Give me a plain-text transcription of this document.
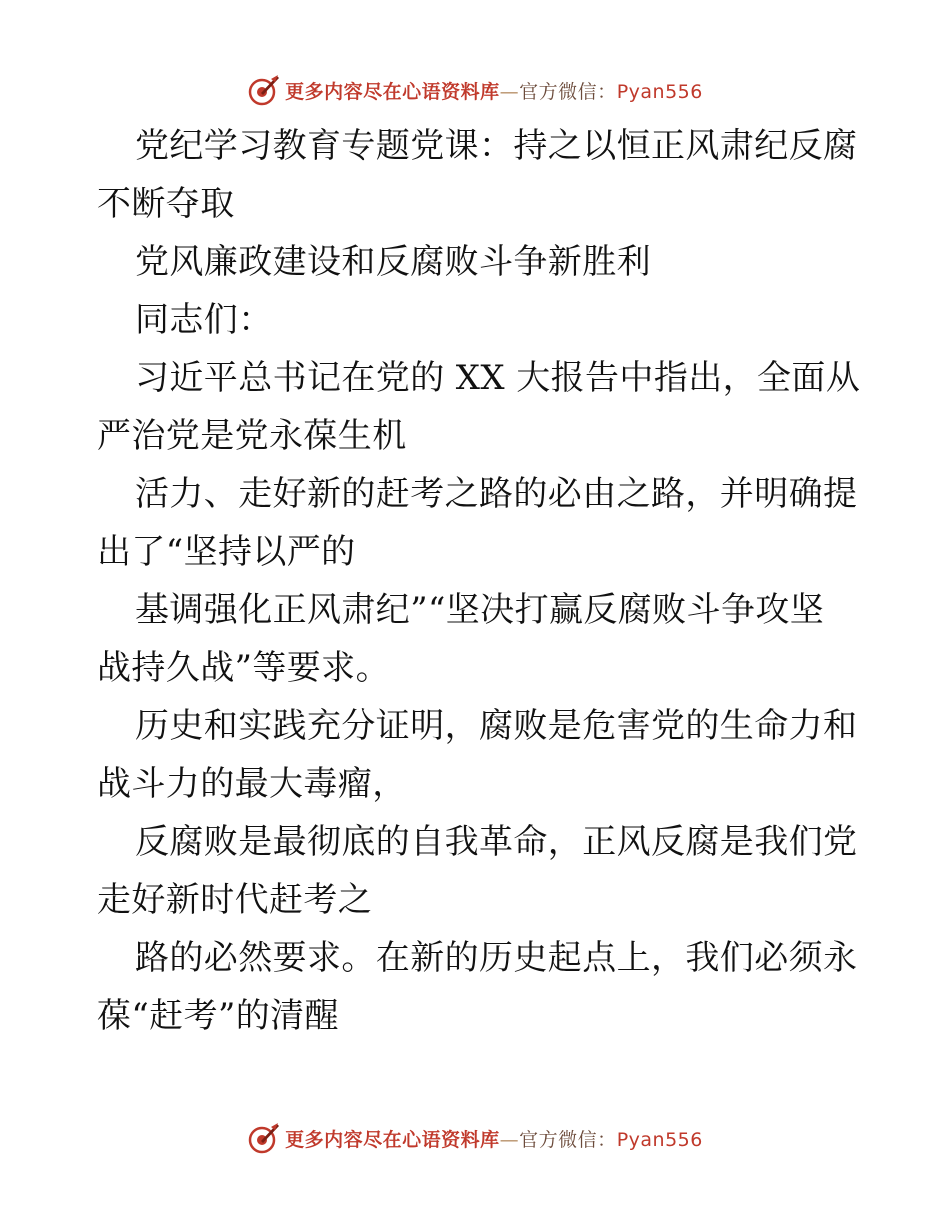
更多内容尽在心语资料库—官方微信：Pyan556
党纪学习教育专题党课：持之以恒正风肃纪反腐
不断夺取
党风廉政建设和反腐败斗争新胜利
同志们：
习近平总书记在党的 XX 大报告中指出，全面从
严治党是党永葆生机
活力、走好新的赶考之路的必由之路，并明确提
出了“坚持以严的
基调强化正风肃纪”“坚决打赢反腐败斗争攻坚
战持久战”等要求。
历史和实践充分证明，腐败是危害党的生命力和
战斗力的最大毒瘤，
反腐败是最彻底的自我革命，正风反腐是我们党
走好新时代赶考之
路的必然要求。在新的历史起点上，我们必须永
葆“赶考”的清醒
更多内容尽在心语资料库—官方微信：Pyan556
